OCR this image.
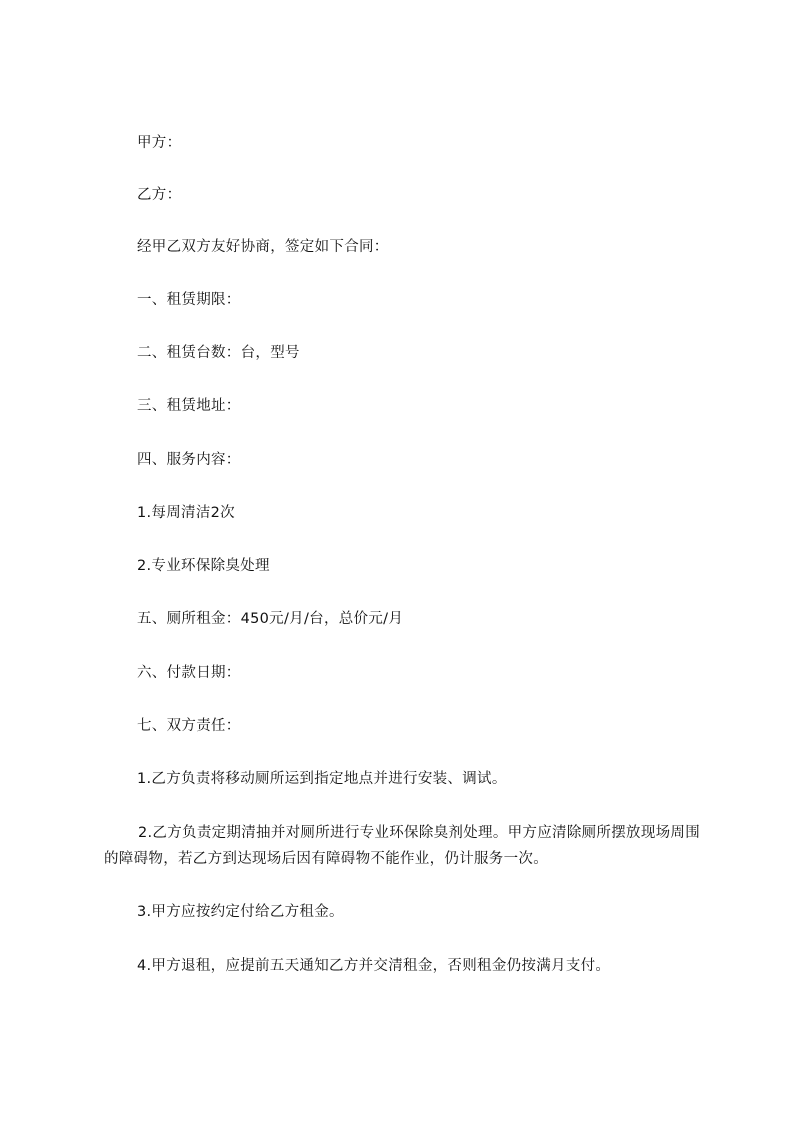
甲方：
乙方：
经甲乙双方友好协商，签定如下合同：
一、租赁期限：
二、租赁台数：台，型号
三、租赁地址：
四、服务内容：
1.每周清洁2次
2.专业环保除臭处理
五、厕所租金：450元/月/台，总价元/月
六、付款日期：
七、双方责任：
1.乙方负责将移动厕所运到指定地点并进行安装、调试。
2.乙方负责定期清抽并对厕所进行专业环保除臭剂处理。甲方应清除厕所摆放现场周围的障碍物，若乙方到达现场后因有障碍物不能作业，仍计服务一次。
3.甲方应按约定付给乙方租金。
4.甲方退租，应提前五天通知乙方并交清租金，否则租金仍按满月支付。
